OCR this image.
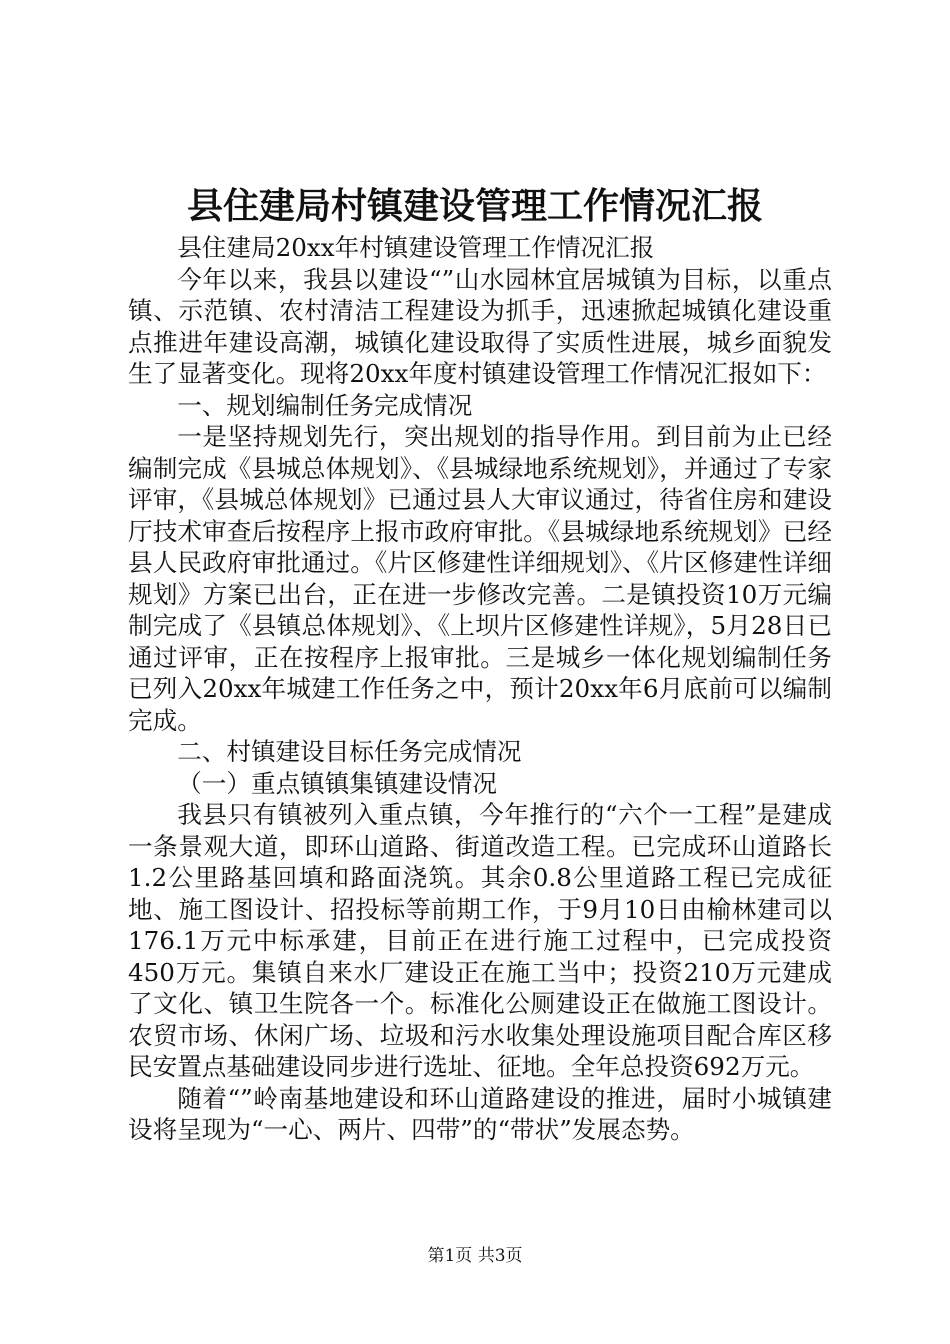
县住建局村镇建设管理工作情况汇报

县住建局20xx年村镇建设管理工作情况汇报

今年以来，我县以建设“”山水园林宜居城镇为目标，以重点镇、示范镇、农村清洁工程建设为抓手，迅速掀起城镇化建设重点推进年建设高潮，城镇化建设取得了实质性进展，城乡面貌发生了显著变化。现将20xx年度村镇建设管理工作情况汇报如下：

一、规划编制任务完成情况

一是坚持规划先行，突出规划的指导作用。到目前为止已经编制完成《县城总体规划》、《县城绿地系统规划》，并通过了专家评审，《县城总体规划》已通过县人大审议通过，待省住房和建设厅技术审查后按程序上报市政府审批。《县城绿地系统规划》已经县人民政府审批通过。《片区修建性详细规划》、《片区修建性详细规划》方案已出台，正在进一步修改完善。二是镇投资10万元编制完成了《县镇总体规划》、《上坝片区修建性详规》，5月28日已通过评审，正在按程序上报审批。三是城乡一体化规划编制任务已列入20xx年城建工作任务之中，预计20xx年6月底前可以编制完成。

二、村镇建设目标任务完成情况

（一）重点镇镇集镇建设情况

我县只有镇被列入重点镇，今年推行的“六个一工程”是建成一条景观大道，即环山道路、街道改造工程。已完成环山道路长1.2公里路基回填和路面浇筑。其余0.8公里道路工程已完成征地、施工图设计、招投标等前期工作，于9月10日由榆林建司以176.1万元中标承建，目前正在进行施工过程中，已完成投资450万元。集镇自来水厂建设正在施工当中；投资210万元建成了文化、镇卫生院各一个。标准化公厕建设正在做施工图设计。农贸市场、休闲广场、垃圾和污水收集处理设施项目配合库区移民安置点基础建设同步进行选址、征地。全年总投资692万元。

随着“”岭南基地建设和环山道路建设的推进，届时小城镇建设将呈现为“一心、两片、四带”的“带状”发展态势。

第1页 共3页
